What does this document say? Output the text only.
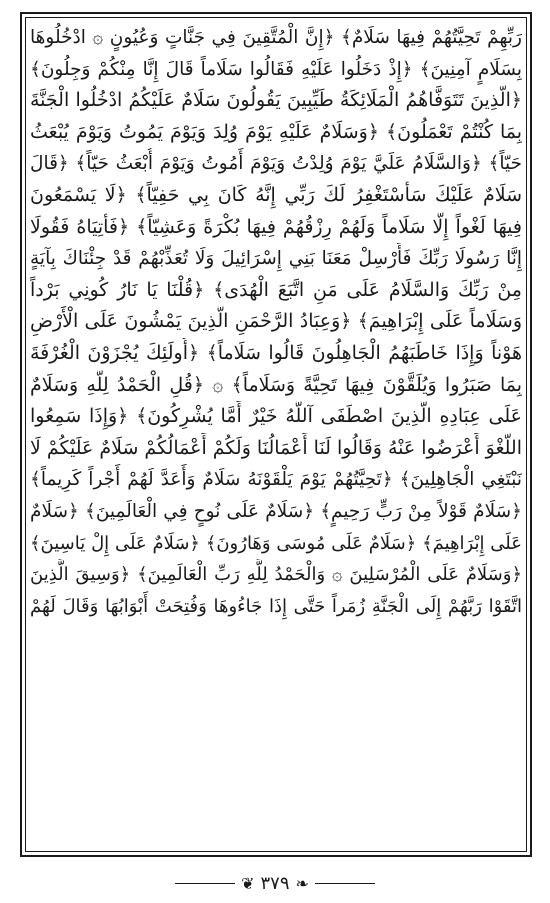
رَبِّهِمْ تَحِيَّتُهُمْ فِيهَا سَلَامٌ﴾ ﴿إِنَّ الْمُتَّقِينَ فِي جَنَّاتٍ وَعُيُونٍ ۞ ادْخُلُوهَا
بِسَلَامٍ آمِنِينَ﴾ ﴿إِذْ دَخَلُوا عَلَيْهِ فَقَالُوا سَلَاماً قَالَ إِنَّا مِنْكُمْ وَجِلُونَ﴾
﴿الَّذِينَ تَتَوَفَّاهُمُ الْمَلَائِكَةُ طَيِّبِينَ يَقُولُونَ سَلَامٌ عَلَيْكُمُ ادْخُلُوا الْجَنَّةَ
بِمَا كُنْتُمْ تَعْمَلُونَ﴾ ﴿وَسَلَامٌ عَلَيْهِ يَوْمَ وُلِدَ وَيَوْمَ يَمُوتُ وَيَوْمَ يُبْعَثُ
حَيّاً﴾ ﴿وَالسَّلَامُ عَلَيَّ يَوْمَ وُلِدْتُ وَيَوْمَ أَمُوتُ وَيَوْمَ أُبْعَثُ حَيّاً﴾ ﴿قَالَ
سَلَامٌ عَلَيْكَ سَأَسْتَغْفِرُ لَكَ رَبِّي إِنَّهُ كَانَ بِي حَفِيّاً﴾ ﴿لَا يَسْمَعُونَ
فِيهَا لَغْواً إِلَّا سَلَاماً وَلَهُمْ رِزْقُهُمْ فِيهَا بُكْرَةً وَعَشِيّاً﴾ ﴿فَأْتِيَاهُ فَقُولَا
إِنَّا رَسُولَا رَبِّكَ فَأَرْسِلْ مَعَنَا بَنِي إِسْرَائِيلَ وَلَا تُعَذِّبْهُمْ قَدْ جِئْنَاكَ بِآيَةٍ
مِنْ رَبِّكَ وَالسَّلَامُ عَلَى مَنِ اتَّبَعَ الْهُدَى﴾ ﴿قُلْنَا يَا نَارُ كُونِي بَرْداً
وَسَلَاماً عَلَى إِبْرَاهِيمَ﴾ ﴿وَعِبَادُ الرَّحْمَنِ الَّذِينَ يَمْشُونَ عَلَى الْأَرْضِ
هَوْناً وَإِذَا خَاطَبَهُمُ الْجَاهِلُونَ قَالُوا سَلَاماً﴾ ﴿أُولَئِكَ يُجْزَوْنَ الْغُرْفَةَ
بِمَا صَبَرُوا وَيُلَقَّوْنَ فِيهَا تَحِيَّةً وَسَلَاماً﴾ ۞ ﴿قُلِ الْحَمْدُ لِلَّهِ وَسَلَامٌ
عَلَى عِبَادِهِ الَّذِينَ اصْطَفَى آللَّهُ خَيْرٌ أَمَّا يُشْرِكُونَ﴾ ﴿وَإِذَا سَمِعُوا
اللَّغْوَ أَعْرَضُوا عَنْهُ وَقَالُوا لَنَا أَعْمَالُنَا وَلَكُمْ أَعْمَالُكُمْ سَلَامٌ عَلَيْكُمْ لَا
نَبْتَغِي الْجَاهِلِينَ﴾ ﴿تَحِيَّتُهُمْ يَوْمَ يَلْقَوْنَهُ سَلَامٌ وَأَعَدَّ لَهُمْ أَجْراً كَرِيماً﴾
﴿سَلَامٌ قَوْلاً مِنْ رَبٍّ رَحِيمٍ﴾ ﴿سَلَامٌ عَلَى نُوحٍ فِي الْعَالَمِينَ﴾ ﴿سَلَامٌ
عَلَى إِبْرَاهِيمَ﴾ ﴿سَلَامٌ عَلَى مُوسَى وَهَارُونَ﴾ ﴿سَلَامٌ عَلَى إِلْ يَاسِينَ﴾
﴿وَسَلَامٌ عَلَى الْمُرْسَلِينَ ۞ وَالْحَمْدُ لِلَّهِ رَبِّ الْعَالَمِينَ﴾ ﴿وَسِيقَ الَّذِينَ
اتَّقَوْا رَبَّهُمْ إِلَى الْجَنَّةِ زُمَراً حَتَّى إِذَا جَاءُوهَا وَفُتِحَتْ أَبْوَابُهَا وَقَالَ لَهُمْ
❦ ٣٧٩ ❧
